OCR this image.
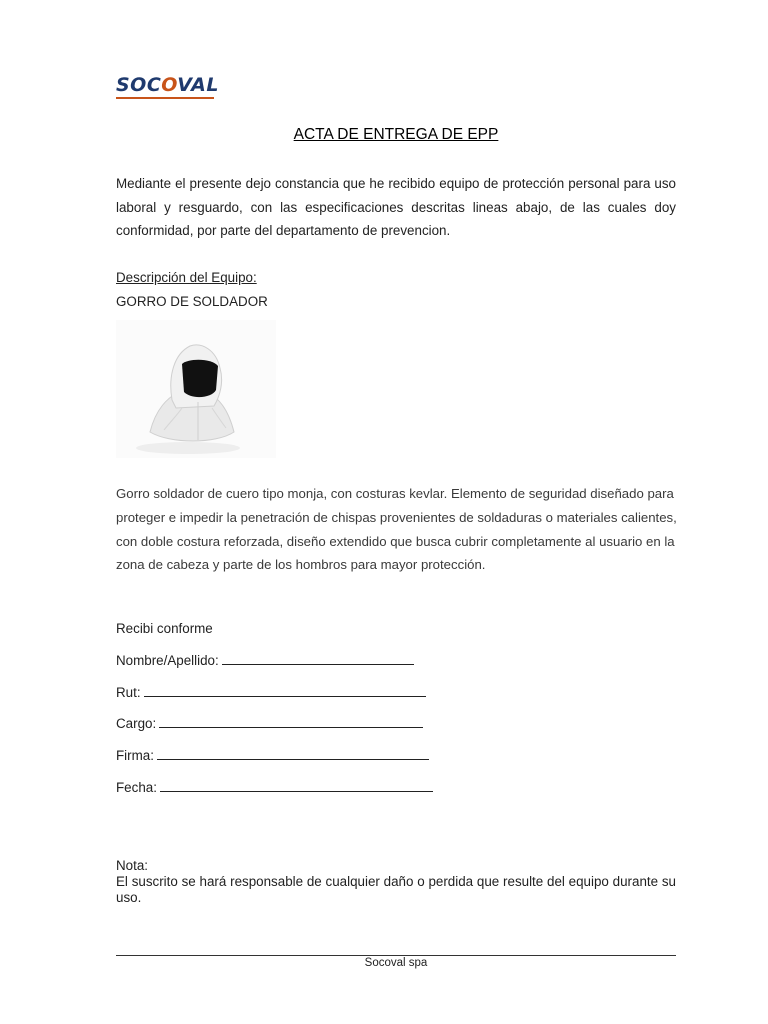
SOCOVAL
ACTA DE ENTREGA DE EPP
Mediante el presente dejo constancia que he recibido equipo de protección personal para uso laboral y resguardo, con las especificaciones descritas lineas abajo, de las cuales doy conformidad, por parte del departamento de prevencion.
Descripción del Equipo:
GORRO DE SOLDADOR
Gorro soldador de cuero tipo monja, con costuras kevlar. Elemento de seguridad diseñado para proteger e impedir la penetración de chispas provenientes de soldaduras o materiales calientes, con doble costura reforzada, diseño extendido que busca cubrir completamente al usuario en la zona de cabeza y parte de los hombros para mayor protección.
Recibi conforme
Nombre/Apellido:
Rut:
Cargo:
Firma:
Fecha:
Nota:
El suscrito se hará responsable de cualquier daño o perdida que resulte del equipo durante su uso.
Socoval spa
